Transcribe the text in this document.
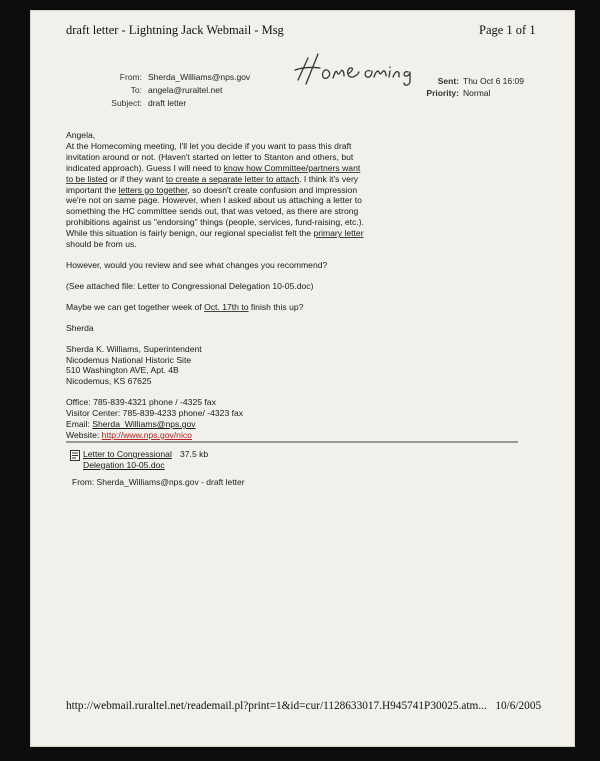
draft letter - Lightning Jack Webmail - Msg	Page 1 of 1
From: Sherda_Williams@nps.gov
To: angela@ruraltel.net
Subject: draft letter
Sent: Thu Oct 6 16:09
Priority: Normal
Angela,

At the Homecoming meeting, I'll let you decide if you want to pass this draft invitation around or not. (Haven't started on letter to Stanton and others, but indicated approach). Guess I will need to know how Committee/partners want to be listed or if they want to create a separate letter to attach. I think it's very important the letters go together, so doesn't create confusion and impression we're not on same page. However, when I asked about us attaching a letter to something the HC committee sends out, that was vetoed, as there are strong prohibitions against us "endorsing" things (people, services, fund-raising, etc.). While this situation is fairly benign, our regional specialist felt the primary letter should be from us.

However, would you review and see what changes you recommend?

(See attached file: Letter to Congressional Delegation 10-05.doc)

Maybe we can get together week of Oct. 17th to finish this up?

Sherda

Sherda K. Williams, Superintendent
Nicodemus National Historic Site
510 Washington AVE, Apt. 4B
Nicodemus, KS 67625
Office: 785-839-4321 phone / -4325 fax
Visitor Center: 785-839-4233 phone/ -4323 fax
Email: Sherda_Williams@nps.gov
Website: http://www.nps.gov/nico
Letter to Congressional Delegation 10-05.doc
37.5 kb
From: Sherda_Williams@nps.gov - draft letter
http://webmail.ruraltel.net/reademail.pl?print=1&id=cur/1128633017.H945741P30025.atm... 10/6/2005
